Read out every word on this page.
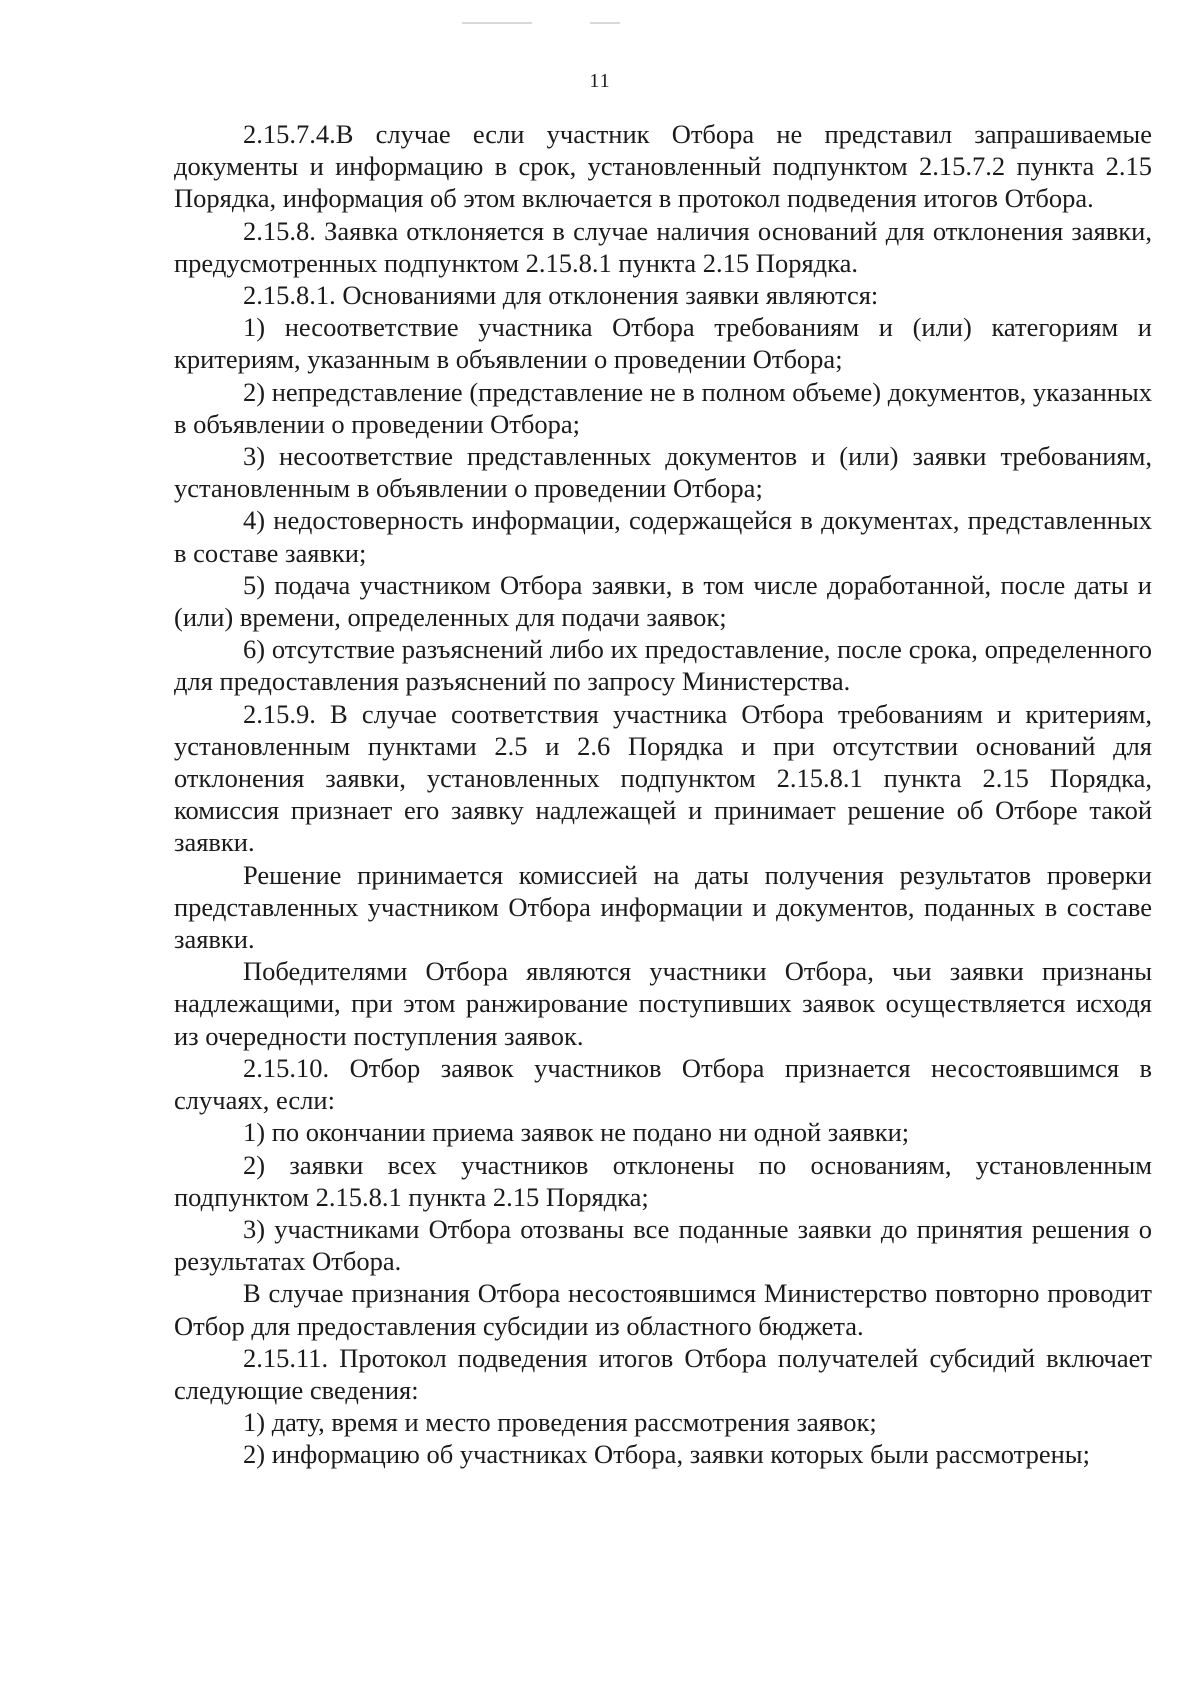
11

2.15.7.4.В случае если участник Отбора не представил запрашиваемые документы и информацию в срок, установленный подпунктом 2.15.7.2 пункта 2.15 Порядка, информация об этом включается в протокол подведения итогов Отбора.

2.15.8. Заявка отклоняется в случае наличия оснований для отклонения заявки, предусмотренных подпунктом 2.15.8.1 пункта 2.15 Порядка.

2.15.8.1. Основаниями для отклонения заявки являются:

1) несоответствие участника Отбора требованиям и (или) категориям и критериям, указанным в объявлении о проведении Отбора;

2) непредставление (представление не в полном объеме) документов, указанных в объявлении о проведении Отбора;

3) несоответствие представленных документов и (или) заявки требованиям, установленным в объявлении о проведении Отбора;

4) недостоверность информации, содержащейся в документах, представленных в составе заявки;

5) подача участником Отбора заявки, в том числе доработанной, после даты и (или) времени, определенных для подачи заявок;

6) отсутствие разъяснений либо их предоставление, после срока, определенного для предоставления разъяснений по запросу Министерства.

2.15.9. В случае соответствия участника Отбора требованиям и критериям, установленным пунктами 2.5 и 2.6 Порядка и при отсутствии оснований для отклонения заявки, установленных подпунктом 2.15.8.1 пункта 2.15 Порядка, комиссия признает его заявку надлежащей и принимает решение об Отборе такой заявки.

Решение принимается комиссией на даты получения результатов проверки представленных участником Отбора информации и документов, поданных в составе заявки.

Победителями Отбора являются участники Отбора, чьи заявки признаны надлежащими, при этом ранжирование поступивших заявок осуществляется исходя из очередности поступления заявок.

2.15.10. Отбор заявок участников Отбора признается несостоявшимся в случаях, если:

1) по окончании приема заявок не подано ни одной заявки;

2) заявки всех участников отклонены по основаниям, установленным подпунктом 2.15.8.1 пункта 2.15 Порядка;

3) участниками Отбора отозваны все поданные заявки до принятия решения о результатах Отбора.

В случае признания Отбора несостоявшимся Министерство повторно проводит Отбор для предоставления субсидии из областного бюджета.

2.15.11. Протокол подведения итогов Отбора получателей субсидий включает следующие сведения:

1) дату, время и место проведения рассмотрения заявок;

2) информацию об участниках Отбора, заявки которых были рассмотрены;
